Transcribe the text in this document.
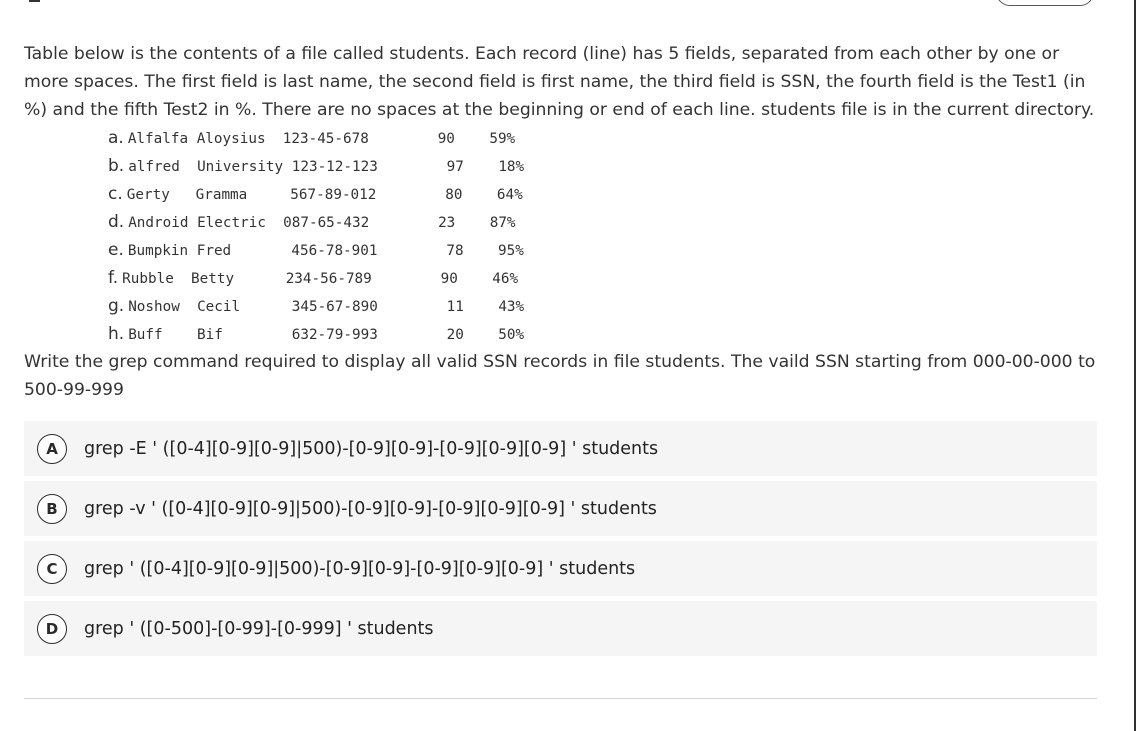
Table below is the contents of a file called students. Each record (line) has 5 fields, separated from each other by one or more spaces. The first field is last name, the second field is first name, the third field is SSN, the fourth field is the Test1 (in %) and the fifth Test2 in %. There are no spaces at the beginning or end of each line. students file is in the current directory.

a. Alfalfa Aloysius  123-45-678        90    59%
b. alfred  University 123-12-123        97    18%
c. Gerty   Gramma     567-89-012        80    64%
d. Android Electric  087-65-432        23    87%
e. Bumpkin Fred       456-78-901        78    95%
f. Rubble  Betty      234-56-789        90    46%
g. Noshow  Cecil      345-67-890        11    43%
h. Buff    Bif        632-79-993        20    50%

Write the grep command required to display all valid SSN records in file students. The vaild SSN starting from 000-00-000 to 500-99-999

A	grep -E ' ([0-4][0-9][0-9]|500)-[0-9][0-9]-[0-9][0-9][0-9] ' students
B	grep -v ' ([0-4][0-9][0-9]|500)-[0-9][0-9]-[0-9][0-9][0-9] ' students
C	grep ' ([0-4][0-9][0-9]|500)-[0-9][0-9]-[0-9][0-9][0-9] ' students
D	grep ' ([0-500]-[0-99]-[0-999] ' students
